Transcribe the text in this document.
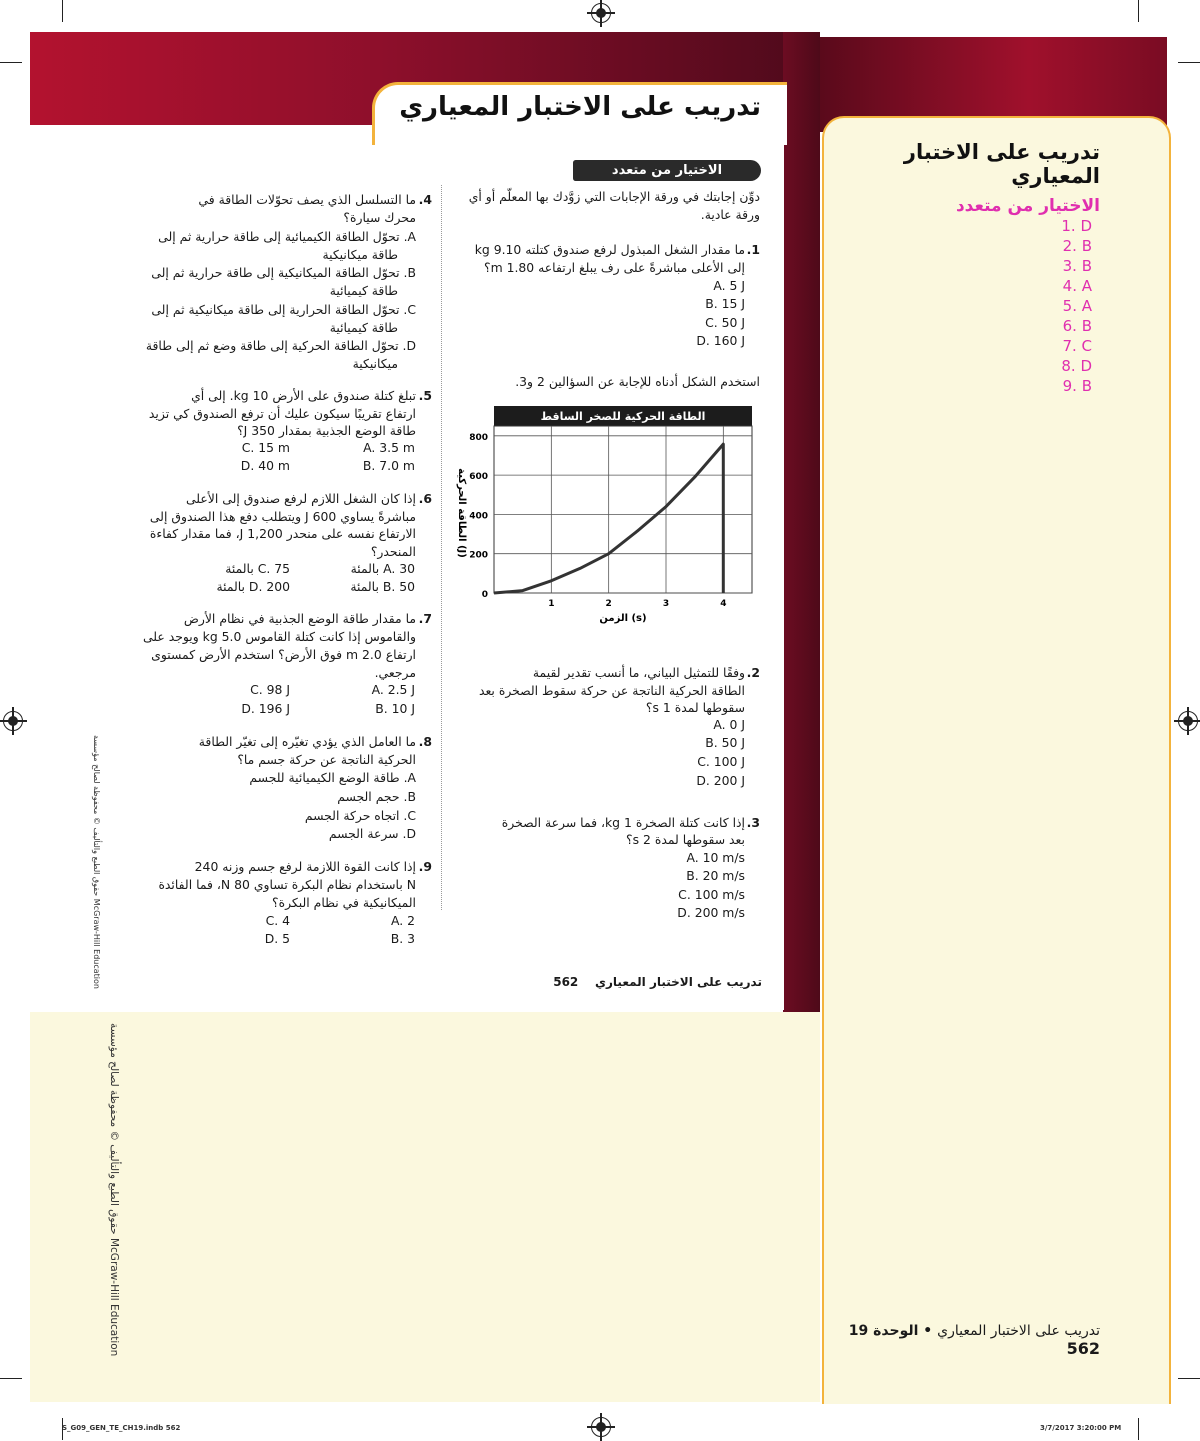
تدريب على الاختبار المعياري
الاختيار من متعدد
دوِّن إجابتك في ورقة الإجابات التي زوَّدك بها المعلّم أو أي ورقة عادية.
1.
ما مقدار الشغل المبذول لرفع صندوق كتلته 9.10 kg
إلى الأعلى مباشرةً على رف يبلغ ارتفاعه 1.80 m؟
A. 5 J
B. 15 J
C. 50 J
D. 160 J
استخدم الشكل أدناه للإجابة عن السؤالين 2 و3.
الطاقة الحركية للصخر الساقط
0
200
400
600
800
1	2	3	4
الطاقة الحركية (J)
الزمن (s)
2.
وفقًا للتمثيل البياني، ما أنسب تقدير لقيمة
الطاقة الحركية الناتجة عن حركة سقوط الصخرة بعد
سقوطها لمدة 1 s؟
A. 0 J
B. 50 J
C. 100 J
D. 200 J
3.
إذا كانت كتلة الصخرة 1 kg، فما سرعة الصخرة
بعد سقوطها لمدة 2 s؟
A. 10 m/s
B. 20 m/s
C. 100 m/s
D. 200 m/s
4.
ما التسلسل الذي يصف تحوّلات الطاقة في
محرك سيارة؟
A. تحوّل الطاقة الكيميائية إلى طاقة حرارية ثم إلى
طاقة ميكانيكية
B. تحوّل الطاقة الميكانيكية إلى طاقة حرارية ثم إلى
طاقة كيميائية
C. تحوّل الطاقة الحرارية إلى طاقة ميكانيكية ثم إلى
طاقة كيميائية
D. تحوّل الطاقة الحركية إلى طاقة وضع ثم إلى طاقة
ميكانيكية
5.
تبلغ كتلة صندوق على الأرض 10 kg. إلى أي
ارتفاع تقريبًا سيكون عليك أن ترفع الصندوق كي تزيد
طاقة الوضع الجذبية بمقدار 350 J؟
A. 3.5 m
B. 7.0 m
C. 15 m
D. 40 m
6.
إذا كان الشغل اللازم لرفع صندوق إلى الأعلى
مباشرةً يساوي 600 J ويتطلب دفع هذا الصندوق إلى
الارتفاع نفسه على منحدر 1,200 J، فما مقدار كفاءة
المنحدر؟
A. 30 بالمئة
B. 50 بالمئة
C. 75 بالمئة
D. 200 بالمئة
7.
ما مقدار طاقة الوضع الجذبية في نظام الأرض
والقاموس إذا كانت كتلة القاموس 5.0 kg ويوجد على
ارتفاع 2.0 m فوق الأرض؟ استخدم الأرض كمستوى
مرجعي.
A. 2.5 J
B. 10 J
C. 98 J
D. 196 J
8.
ما العامل الذي يؤدي تغيّره إلى تغيّر الطاقة
الحركية الناتجة عن حركة جسم ما؟
A. طاقة الوضع الكيميائية للجسم
B. حجم الجسم
C. اتجاه حركة الجسم
D. سرعة الجسم
9.
إذا كانت القوة اللازمة لرفع جسم وزنه 240
N باستخدام نظام البكرة تساوي 80 N، فما الفائدة
الميكانيكية في نظام البكرة؟
A. 2
B. 3
C. 4
D. 5
تدريب على الاختبار المعياري    562
حقوق الطبع والتأليف © محفوظة لصالح مؤسسة McGraw-Hill Education
حقوق الطبع والتأليف © محفوظة لصالح مؤسسة McGraw-Hill Education
تدريب على الاختبار
المعياري
الاختيار من متعدد
1. D
2. B
3. B
4. A
5. A
6. B
7. C
8. D
9. B
تدريب على الاختبار المعياري • الوحدة 19   562
S_G09_GEN_TE_CH19.indb 562	3/7/2017 3:20:00 PM
